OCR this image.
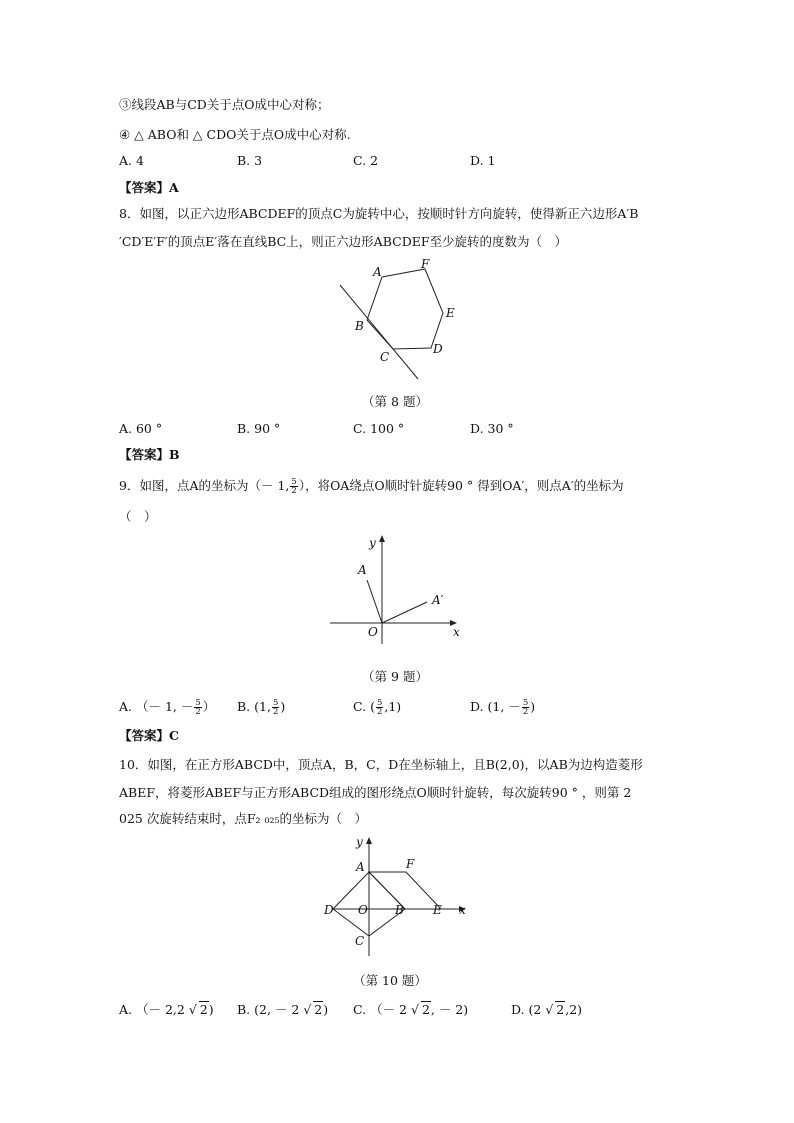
③线段AB与CD关于点O成中心对称；
④ △ ABO和 △ CDO关于点O成中心对称.
A. 4	B. 3	C. 2	D. 1
【答案】A
8．如图，以正六边形ABCDEF的顶点C为旋转中心，按顺时针方向旋转，使得新正六边形A′B
′CD′E′F′的顶点E′落在直线BC上，则正六边形ABCDEF至少旋转的度数为（　）
A
F
E
D
C
B
（第 8 题）
A. 60 °	B. 90 °	C. 100 °	D. 30 °
【答案】B
9．如图，点A的坐标为（－ 1, $\frac{5}{2}$ ），将OA绕点O顺时针旋转90 ° 得到OA′，则点A′的坐标为
（　）
y
x
O
A
A′
（第 9 题）
A. （－ 1, － $\frac{5}{2}$ ） B. (1, $\frac{5}{2}$ )	C. ( $\frac{5}{2} ,1$)	D. (1, － $\frac{5}{2}$ )
【答案】C
10．如图，在正方形ABCD中，顶点A，B，C，D在坐标轴上，且B(2,0)，以AB为边构造菱形
ABEF，将菱形ABEF与正方形ABCD组成的图形绕点O顺时针旋转，每次旋转90 ° ，则第 2
025 次旋转结束时，点F₂ ₀₂₅的坐标为（　）
y
x
A	F
D O B E
C
（第 10 题）
A. （－ 2,2 √ 2) B. (2, － 2 √ 2) C. （－ 2 √ 2, － 2)	D. (2 √ 2,2)
